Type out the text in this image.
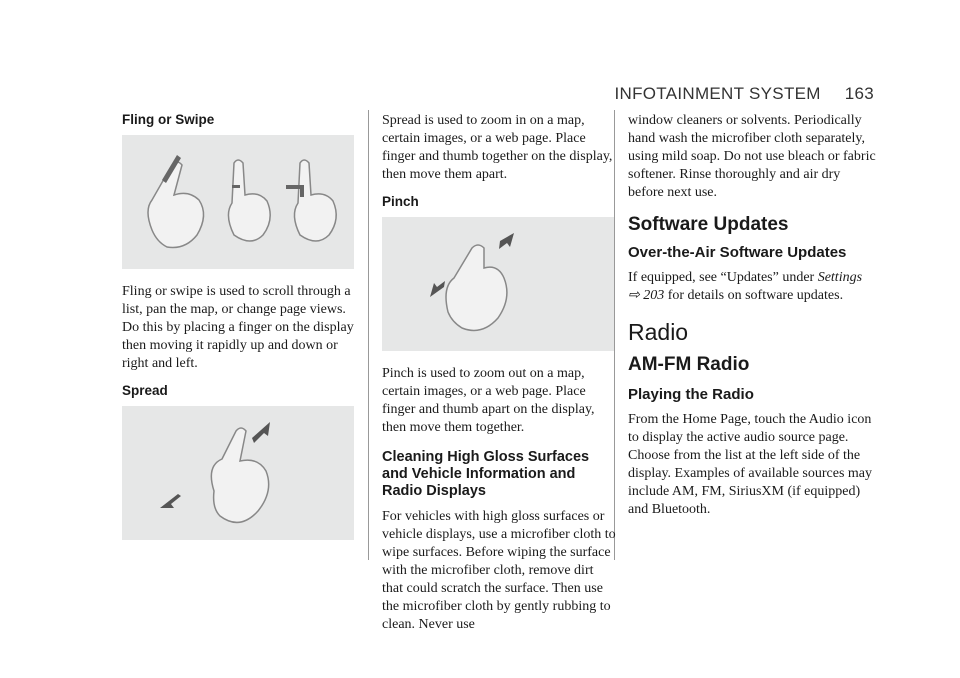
INFOTAINMENT SYSTEM 163
Fling or Swipe

Fling or swipe is used to scroll through a list, pan the map, or change page views. Do this by placing a finger on the display then moving it rapidly up and down or right and left.

Spread

Spread is used to zoom in on a map, certain images, or a web page. Place finger and thumb together on the display, then move them apart.

Pinch

Pinch is used to zoom out on a map, certain images, or a web page. Place finger and thumb apart on the display, then move them together.

Cleaning High Gloss Surfaces and Vehicle Information and Radio Displays

For vehicles with high gloss surfaces or vehicle displays, use a microfiber cloth to wipe surfaces. Before wiping the surface with the microfiber cloth, remove dirt that could scratch the surface. Then use the microfiber cloth by gently rubbing to clean. Never use

window cleaners or solvents. Periodically hand wash the microfiber cloth separately, using mild soap. Do not use bleach or fabric softener. Rinse thoroughly and air dry before next use.

Software Updates
Over-the-Air Software Updates

If equipped, see “Updates” under Settings ⇨ 203 for details on software updates.

Radio
AM-FM Radio
Playing the Radio

From the Home Page, touch the Audio icon to display the active audio source page. Choose from the list at the left side of the display. Examples of available sources may include AM, FM, SiriusXM (if equipped) and Bluetooth.
